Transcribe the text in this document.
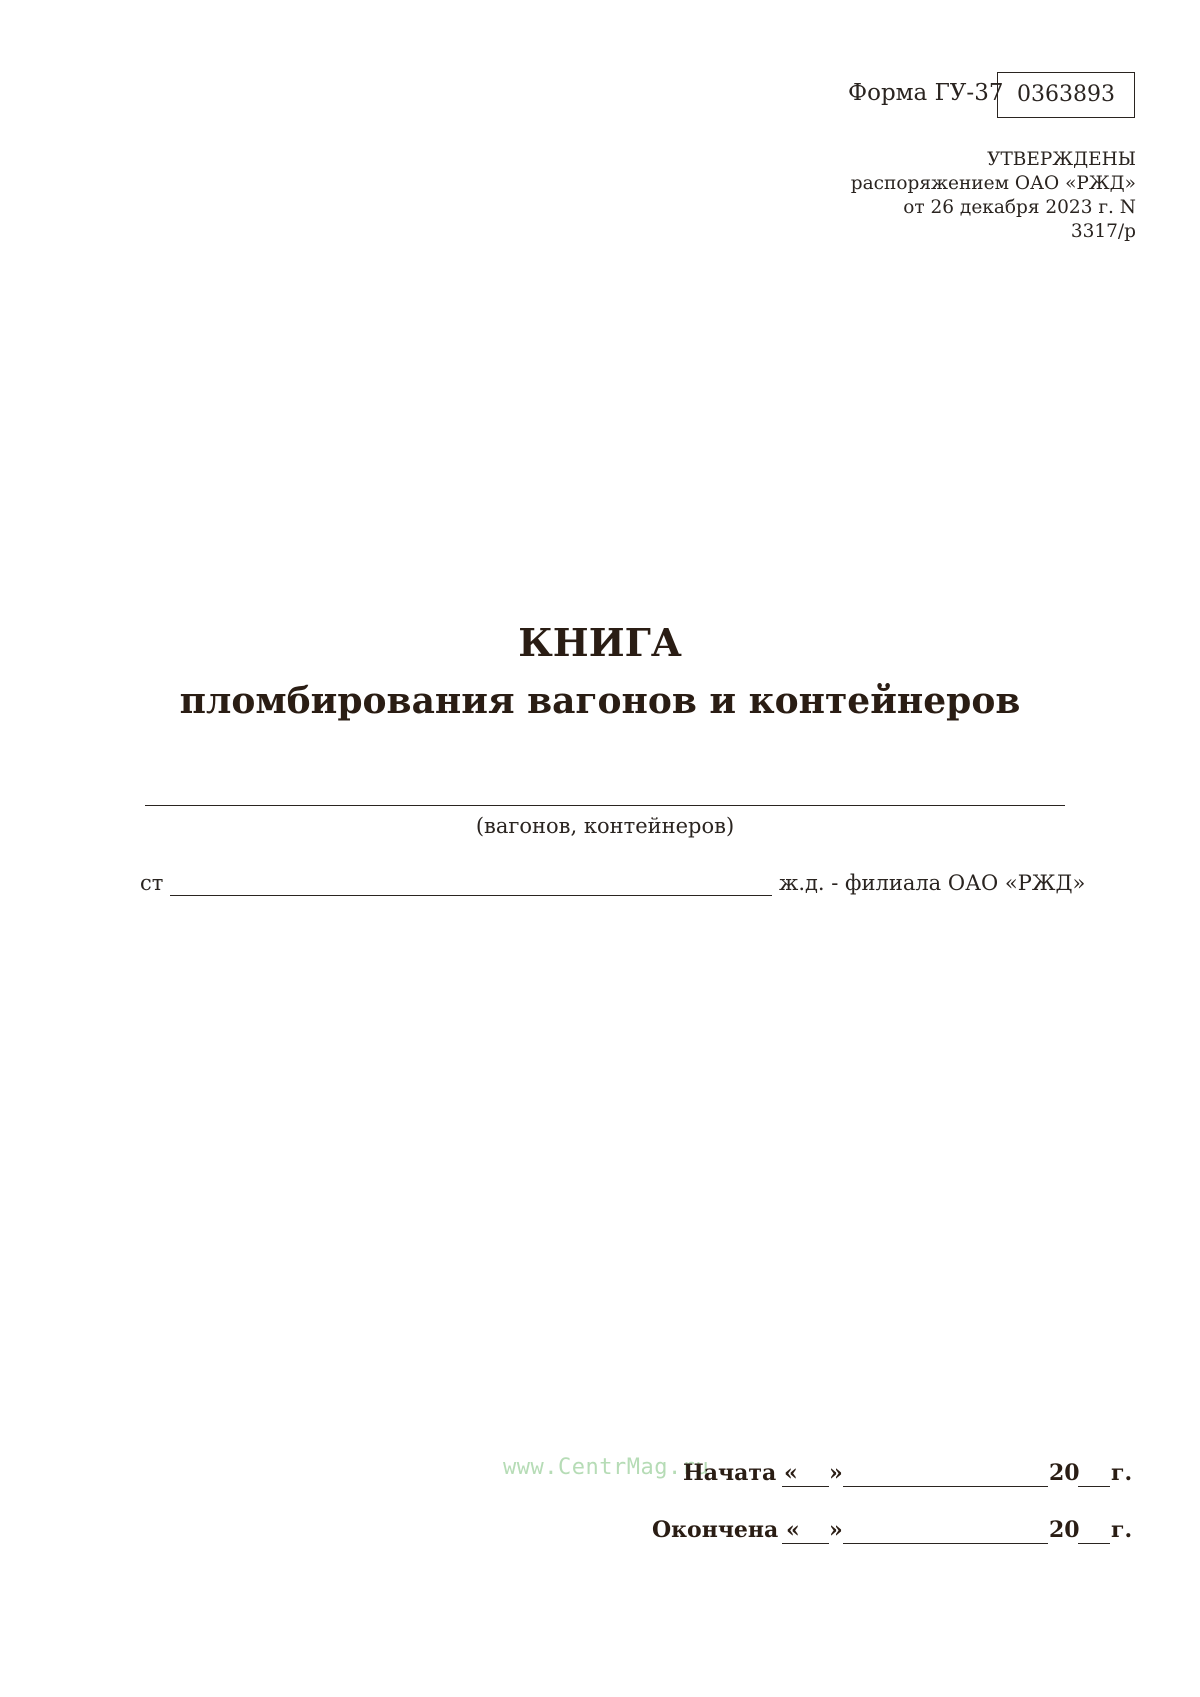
Форма ГУ-37 0363893
УТВЕРЖДЕНЫ
распоряжением ОАО «РЖД»
от 26 декабря 2023 г. N
3317/р
КНИГА
пломбирования вагонов и контейнеров
(вагонов, контейнеров)
ст	ж.д. - филиала ОАО «РЖД»
www.CentrMag.ru
Начата « »	20 г.
Окончена « »	20 г.
